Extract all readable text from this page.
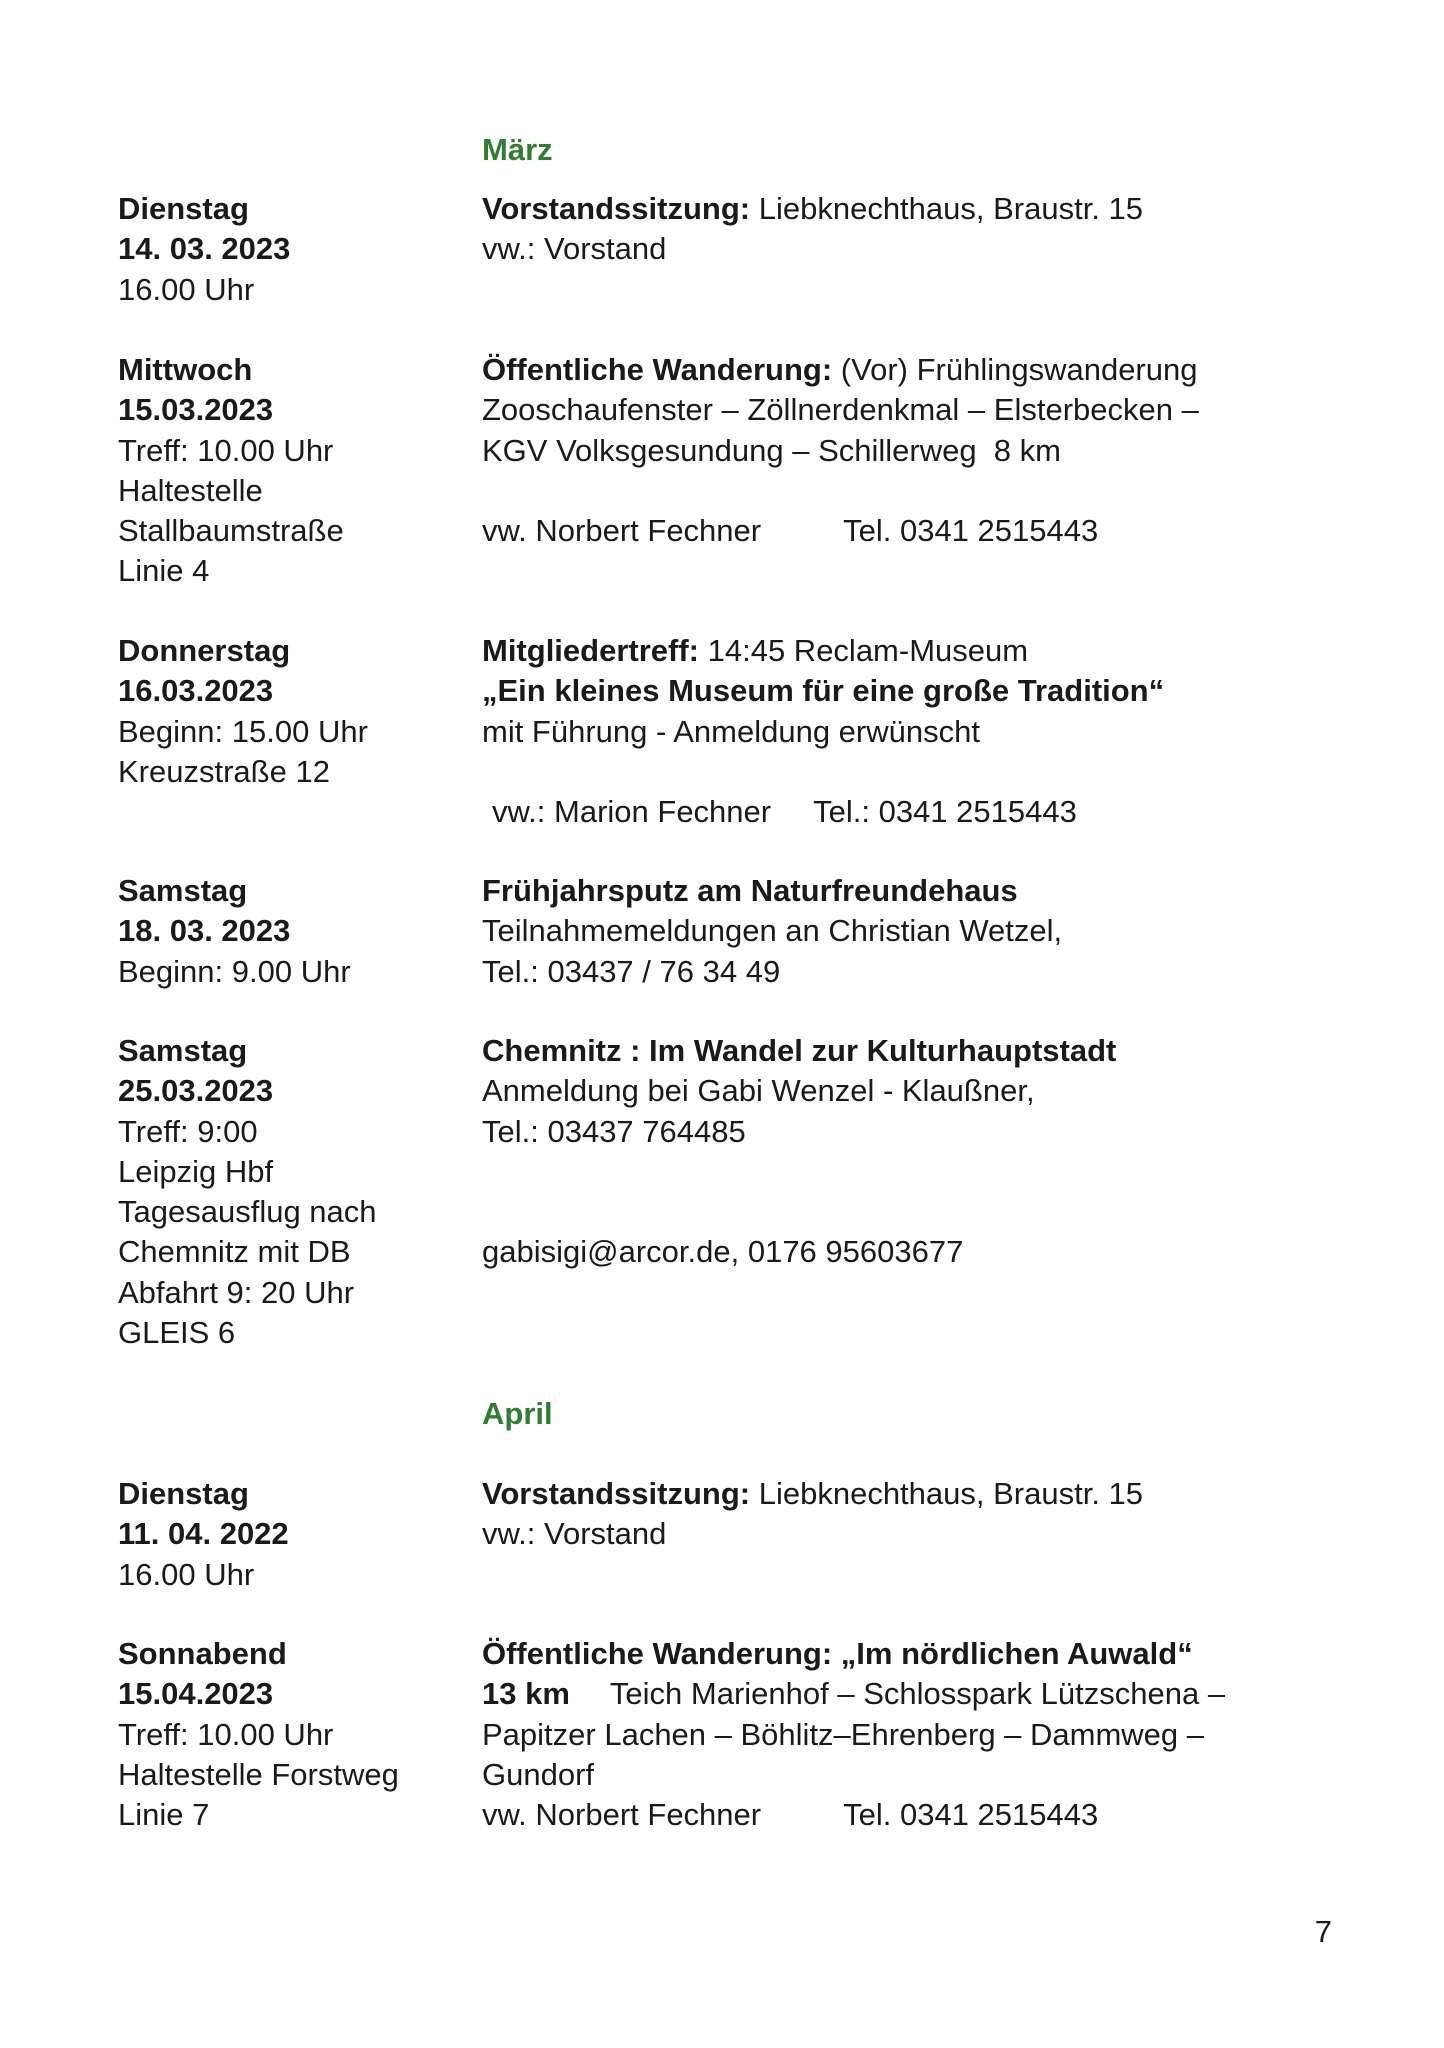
März
Dienstag
14. 03. 2023
16.00 Uhr
Vorstandssitzung: Liebknechthaus, Braustr. 15
vw.: Vorstand
Mittwoch
15.03.2023
Treff: 10.00 Uhr
Haltestelle
Stallbaumstraße
Linie 4
Öffentliche Wanderung: (Vor) Frühlingswanderung
Zooschaufenster – Zöllnerdenkmal – Elsterbecken –
KGV Volksgesundung – Schillerweg  8 km
vw. Norbert Fechner	Tel. 0341 2515443
Donnerstag
16.03.2023
Beginn: 15.00 Uhr
Kreuzstraße 12
Mitgliedertreff: 14:45 Reclam-Museum
„Ein kleines Museum für eine große Tradition“
mit Führung - Anmeldung erwünscht
vw.: Marion Fechner Tel.: 0341 2515443
Samstag
18. 03. 2023
Beginn: 9.00 Uhr
Frühjahrsputz am Naturfreundehaus
Teilnahmemeldungen an Christian Wetzel,
Tel.: 03437 / 76 34 49
Samstag
25.03.2023
Treff: 9:00
Leipzig Hbf
Tagesausflug nach
Chemnitz mit DB
Abfahrt 9: 20 Uhr
GLEIS 6
Chemnitz : Im Wandel zur Kulturhauptstadt
Anmeldung bei Gabi Wenzel - Klaußner,
Tel.: 03437 764485
gabisigi@arcor.de, 0176 95603677
April
Dienstag
11. 04. 2022
16.00 Uhr
Vorstandssitzung: Liebknechthaus, Braustr. 15
vw.: Vorstand
Sonnabend
15.04.2023
Treff: 10.00 Uhr
Haltestelle Forstweg
Linie 7
Öffentliche Wanderung: „Im nördlichen Auwald“
13 km Teich Marienhof – Schlosspark Lützschena –
Papitzer Lachen – Böhlitz–Ehrenberg – Dammweg –
Gundorf
vw. Norbert Fechner	Tel. 0341 2515443
7
